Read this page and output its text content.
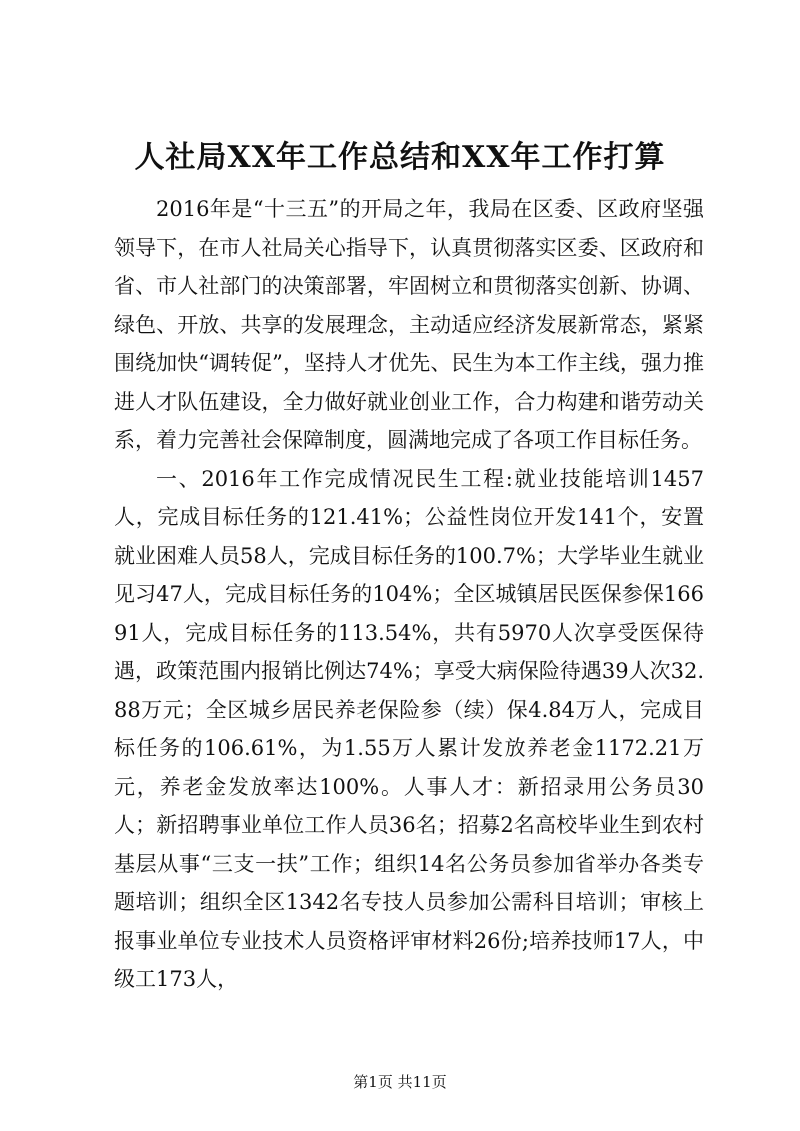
人社局XX年工作总结和XX年工作打算

2016年是“十三五”的开局之年，我局在区委、区政府坚强领导下，在市人社局关心指导下，认真贯彻落实区委、区政府和省、市人社部门的决策部署，牢固树立和贯彻落实创新、协调、绿色、开放、共享的发展理念，主动适应经济发展新常态，紧紧围绕加快“调转促”，坚持人才优先、民生为本工作主线，强力推进人才队伍建设，全力做好就业创业工作，合力构建和谐劳动关系，着力完善社会保障制度，圆满地完成了各项工作目标任务。

一、2016年工作完成情况民生工程:就业技能培训1457人，完成目标任务的121.41%；公益性岗位开发141个，安置就业困难人员58人，完成目标任务的100.7%；大学毕业生就业见习47人，完成目标任务的104%；全区城镇居民医保参保16691人，完成目标任务的113.54%，共有5970人次享受医保待遇，政策范围内报销比例达74%；享受大病保险待遇39人次32.88万元；全区城乡居民养老保险参（续）保4.84万人，完成目标任务的106.61%，为1.55万人累计发放养老金1172.21万元，养老金发放率达100%。人事人才：新招录用公务员30人；新招聘事业单位工作人员36名；招募2名高校毕业生到农村基层从事“三支一扶”工作；组织14名公务员参加省举办各类专题培训；组织全区1342名专技人员参加公需科目培训；审核上报事业单位专业技术人员资格评审材料26份;培养技师17人，中级工173人，

第1页 共11页
